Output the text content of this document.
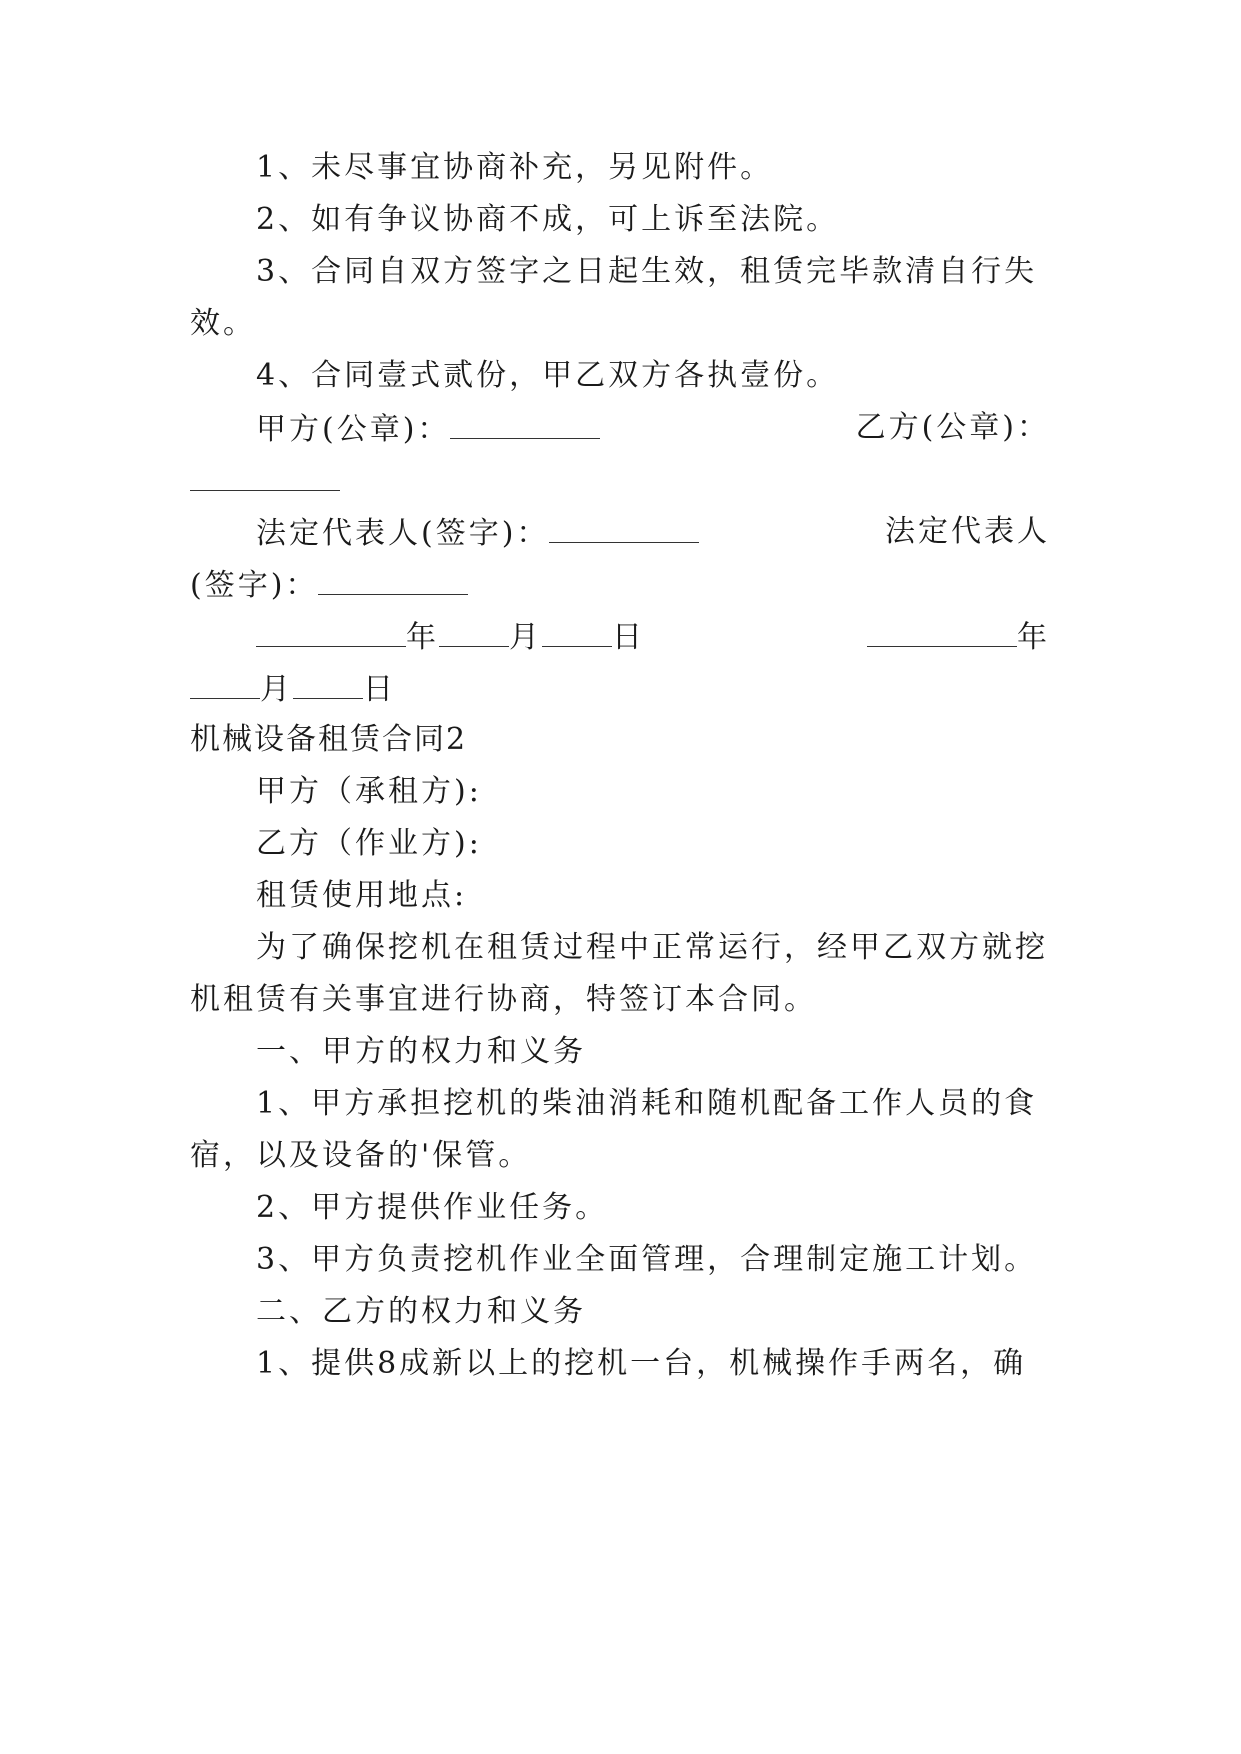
1、未尽事宜协商补充，另见附件。
2、如有争议协商不成，可上诉至法院。
3、合同自双方签字之日起生效，租赁完毕款清自行失
效。
4、合同壹式贰份，甲乙双方各执壹份。
甲方(公章)：	乙方(公章)：
法定代表人(签字)：	法定代表人
(签字)：
年 月 日	年
月 日
机械设备租赁合同2
甲方（承租方):
乙方（作业方):
租赁使用地点:
为了确保挖机在租赁过程中正常运行，经甲乙双方就挖
机租赁有关事宜进行协商，特签订本合同。
一、甲方的权力和义务
1、甲方承担挖机的柴油消耗和随机配备工作人员的食
宿，以及设备的'保管。
2、甲方提供作业任务。
3、甲方负责挖机作业全面管理，合理制定施工计划。
二、乙方的权力和义务
1、提供8成新以上的挖机一台，机械操作手两名，确
